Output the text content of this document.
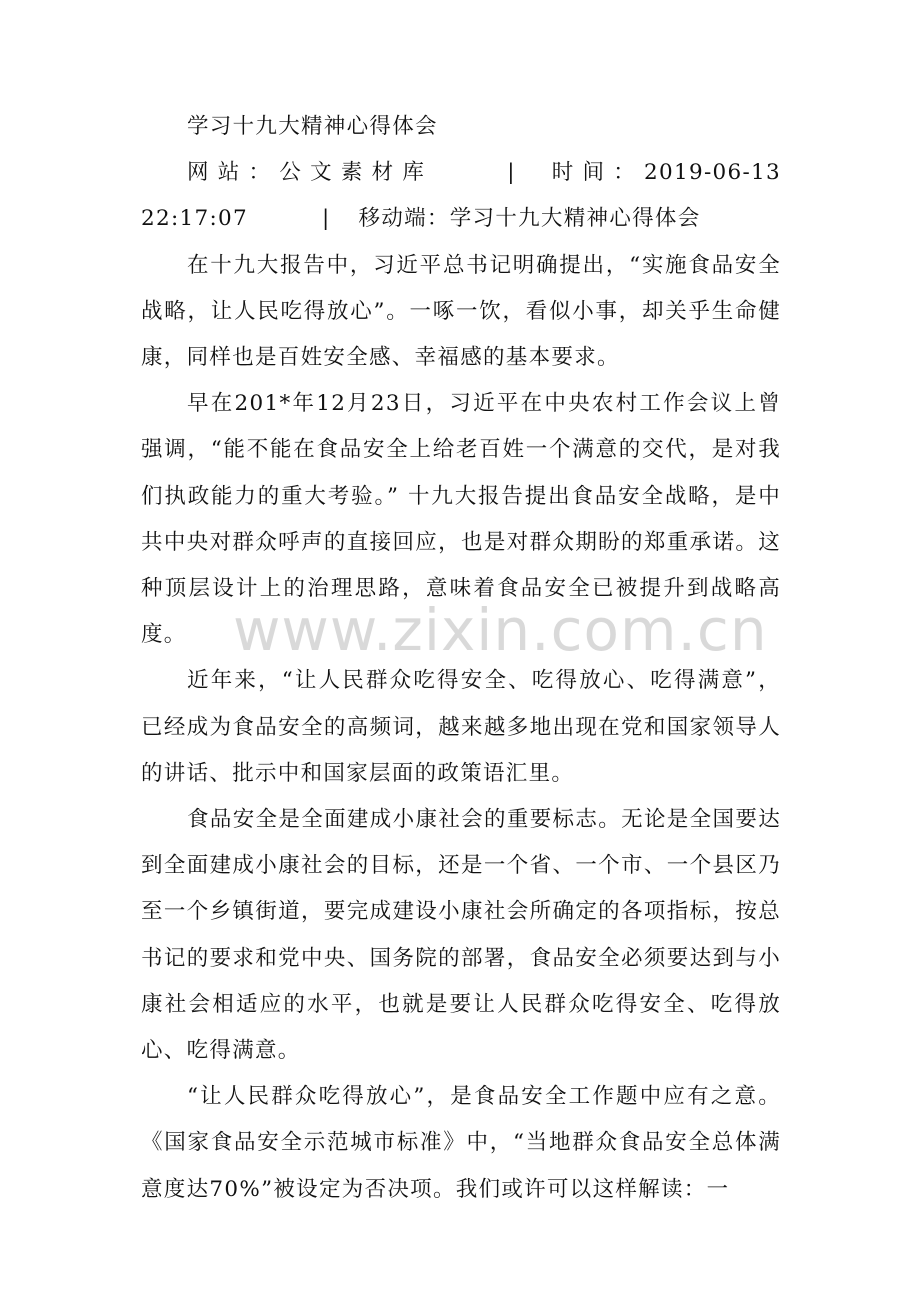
学习十九大精神心得体会

网站：公文素材库	| 时间：2019-06-13 22:17:07	| 移动端：学习十九大精神心得体会

在十九大报告中，习近平总书记明确提出，“实施食品安全战略，让人民吃得放心”。一啄一饮，看似小事，却关乎生命健康，同样也是百姓安全感、幸福感的基本要求。

早在201*年12月23日，习近平在中央农村工作会议上曾强调，“能不能在食品安全上给老百姓一个满意的交代，是对我们执政能力的重大考验。” 十九大报告提出食品安全战略，是中共中央对群众呼声的直接回应，也是对群众期盼的郑重承诺。这种顶层设计上的治理思路，意味着食品安全已被提升到战略高度。

近年来，“让人民群众吃得安全、吃得放心、吃得满意”，已经成为食品安全的高频词，越来越多地出现在党和国家领导人的讲话、批示中和国家层面的政策语汇里。

食品安全是全面建成小康社会的重要标志。无论是全国要达到全面建成小康社会的目标，还是一个省、一个市、一个县区乃至一个乡镇街道，要完成建设小康社会所确定的各项指标，按总书记的要求和党中央、国务院的部署，食品安全必须要达到与小康社会相适应的水平，也就是要让人民群众吃得安全、吃得放心、吃得满意。

“让人民群众吃得放心”，是食品安全工作题中应有之意。《国家食品安全示范城市标准》中，“当地群众食品安全总体满意度达70%”被设定为否决项。我们或许可以这样解读：一

www.zixin.com.cn
